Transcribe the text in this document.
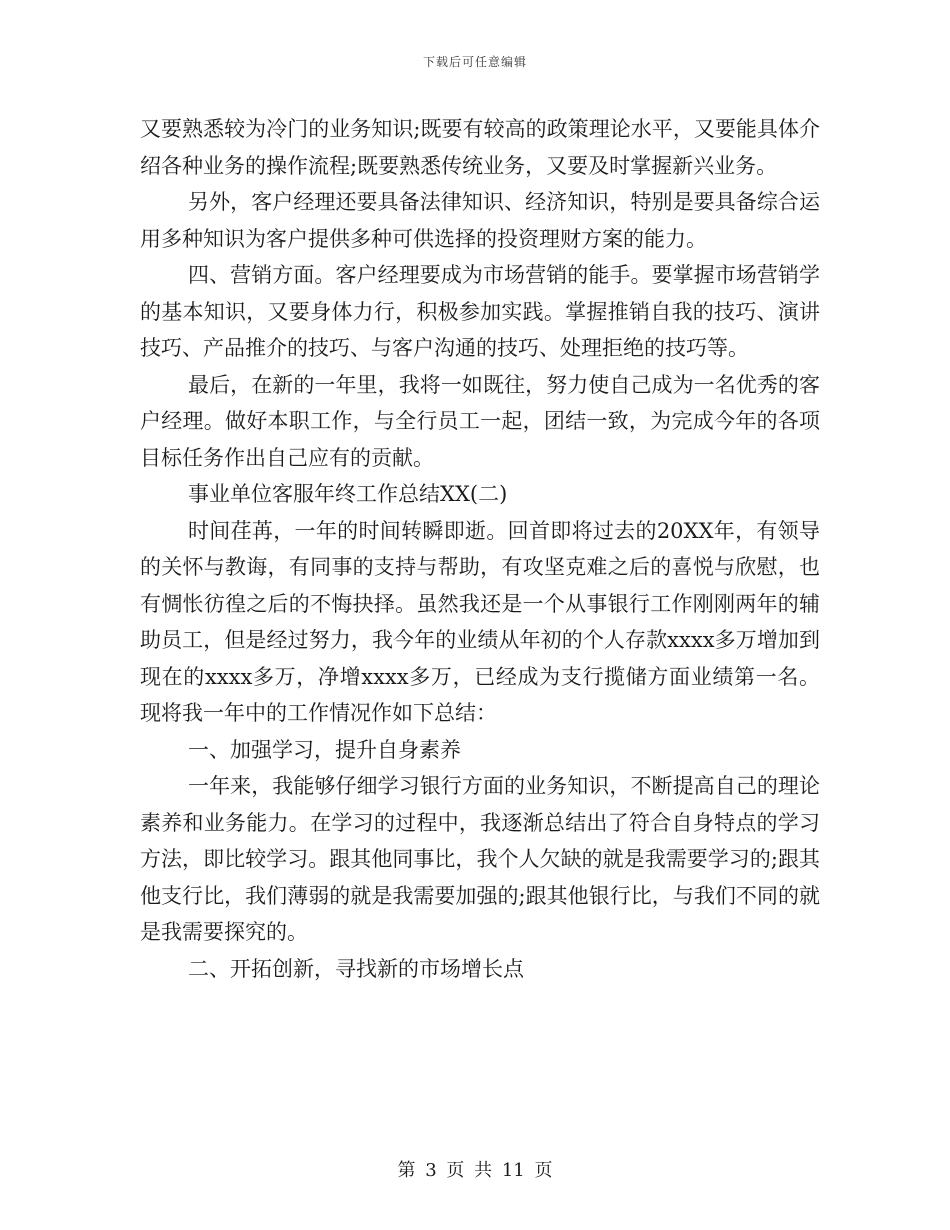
下载后可任意编辑

又要熟悉较为冷门的业务知识;既要有较高的政策理论水平，又要能具体介绍各种业务的操作流程;既要熟悉传统业务，又要及时掌握新兴业务。

另外，客户经理还要具备法律知识、经济知识，特别是要具备综合运用多种知识为客户提供多种可供选择的投资理财方案的能力。

四、营销方面。客户经理要成为市场营销的能手。要掌握市场营销学的基本知识，又要身体力行，积极参加实践。掌握推销自我的技巧、演讲技巧、产品推介的技巧、与客户沟通的技巧、处理拒绝的技巧等。

最后，在新的一年里，我将一如既往，努力使自己成为一名优秀的客户经理。做好本职工作，与全行员工一起，团结一致，为完成今年的各项目标任务作出自己应有的贡献。

事业单位客服年终工作总结XX(二)

时间荏苒，一年的时间转瞬即逝。回首即将过去的20XX年，有领导的关怀与教诲，有同事的支持与帮助，有攻坚克难之后的喜悦与欣慰，也有惆怅彷徨之后的不悔抉择。虽然我还是一个从事银行工作刚刚两年的辅助员工，但是经过努力，我今年的业绩从年初的个人存款xxxx多万增加到现在的xxxx多万，净增xxxx多万，已经成为支行揽储方面业绩第一名。现将我一年中的工作情况作如下总结：

一、加强学习，提升自身素养

一年来，我能够仔细学习银行方面的业务知识，不断提高自己的理论素养和业务能力。在学习的过程中，我逐渐总结出了符合自身特点的学习方法，即比较学习。跟其他同事比，我个人欠缺的就是我需要学习的;跟其他支行比，我们薄弱的就是我需要加强的;跟其他银行比，与我们不同的就是我需要探究的。

二、开拓创新，寻找新的市场增长点

第 3 页 共 11 页
